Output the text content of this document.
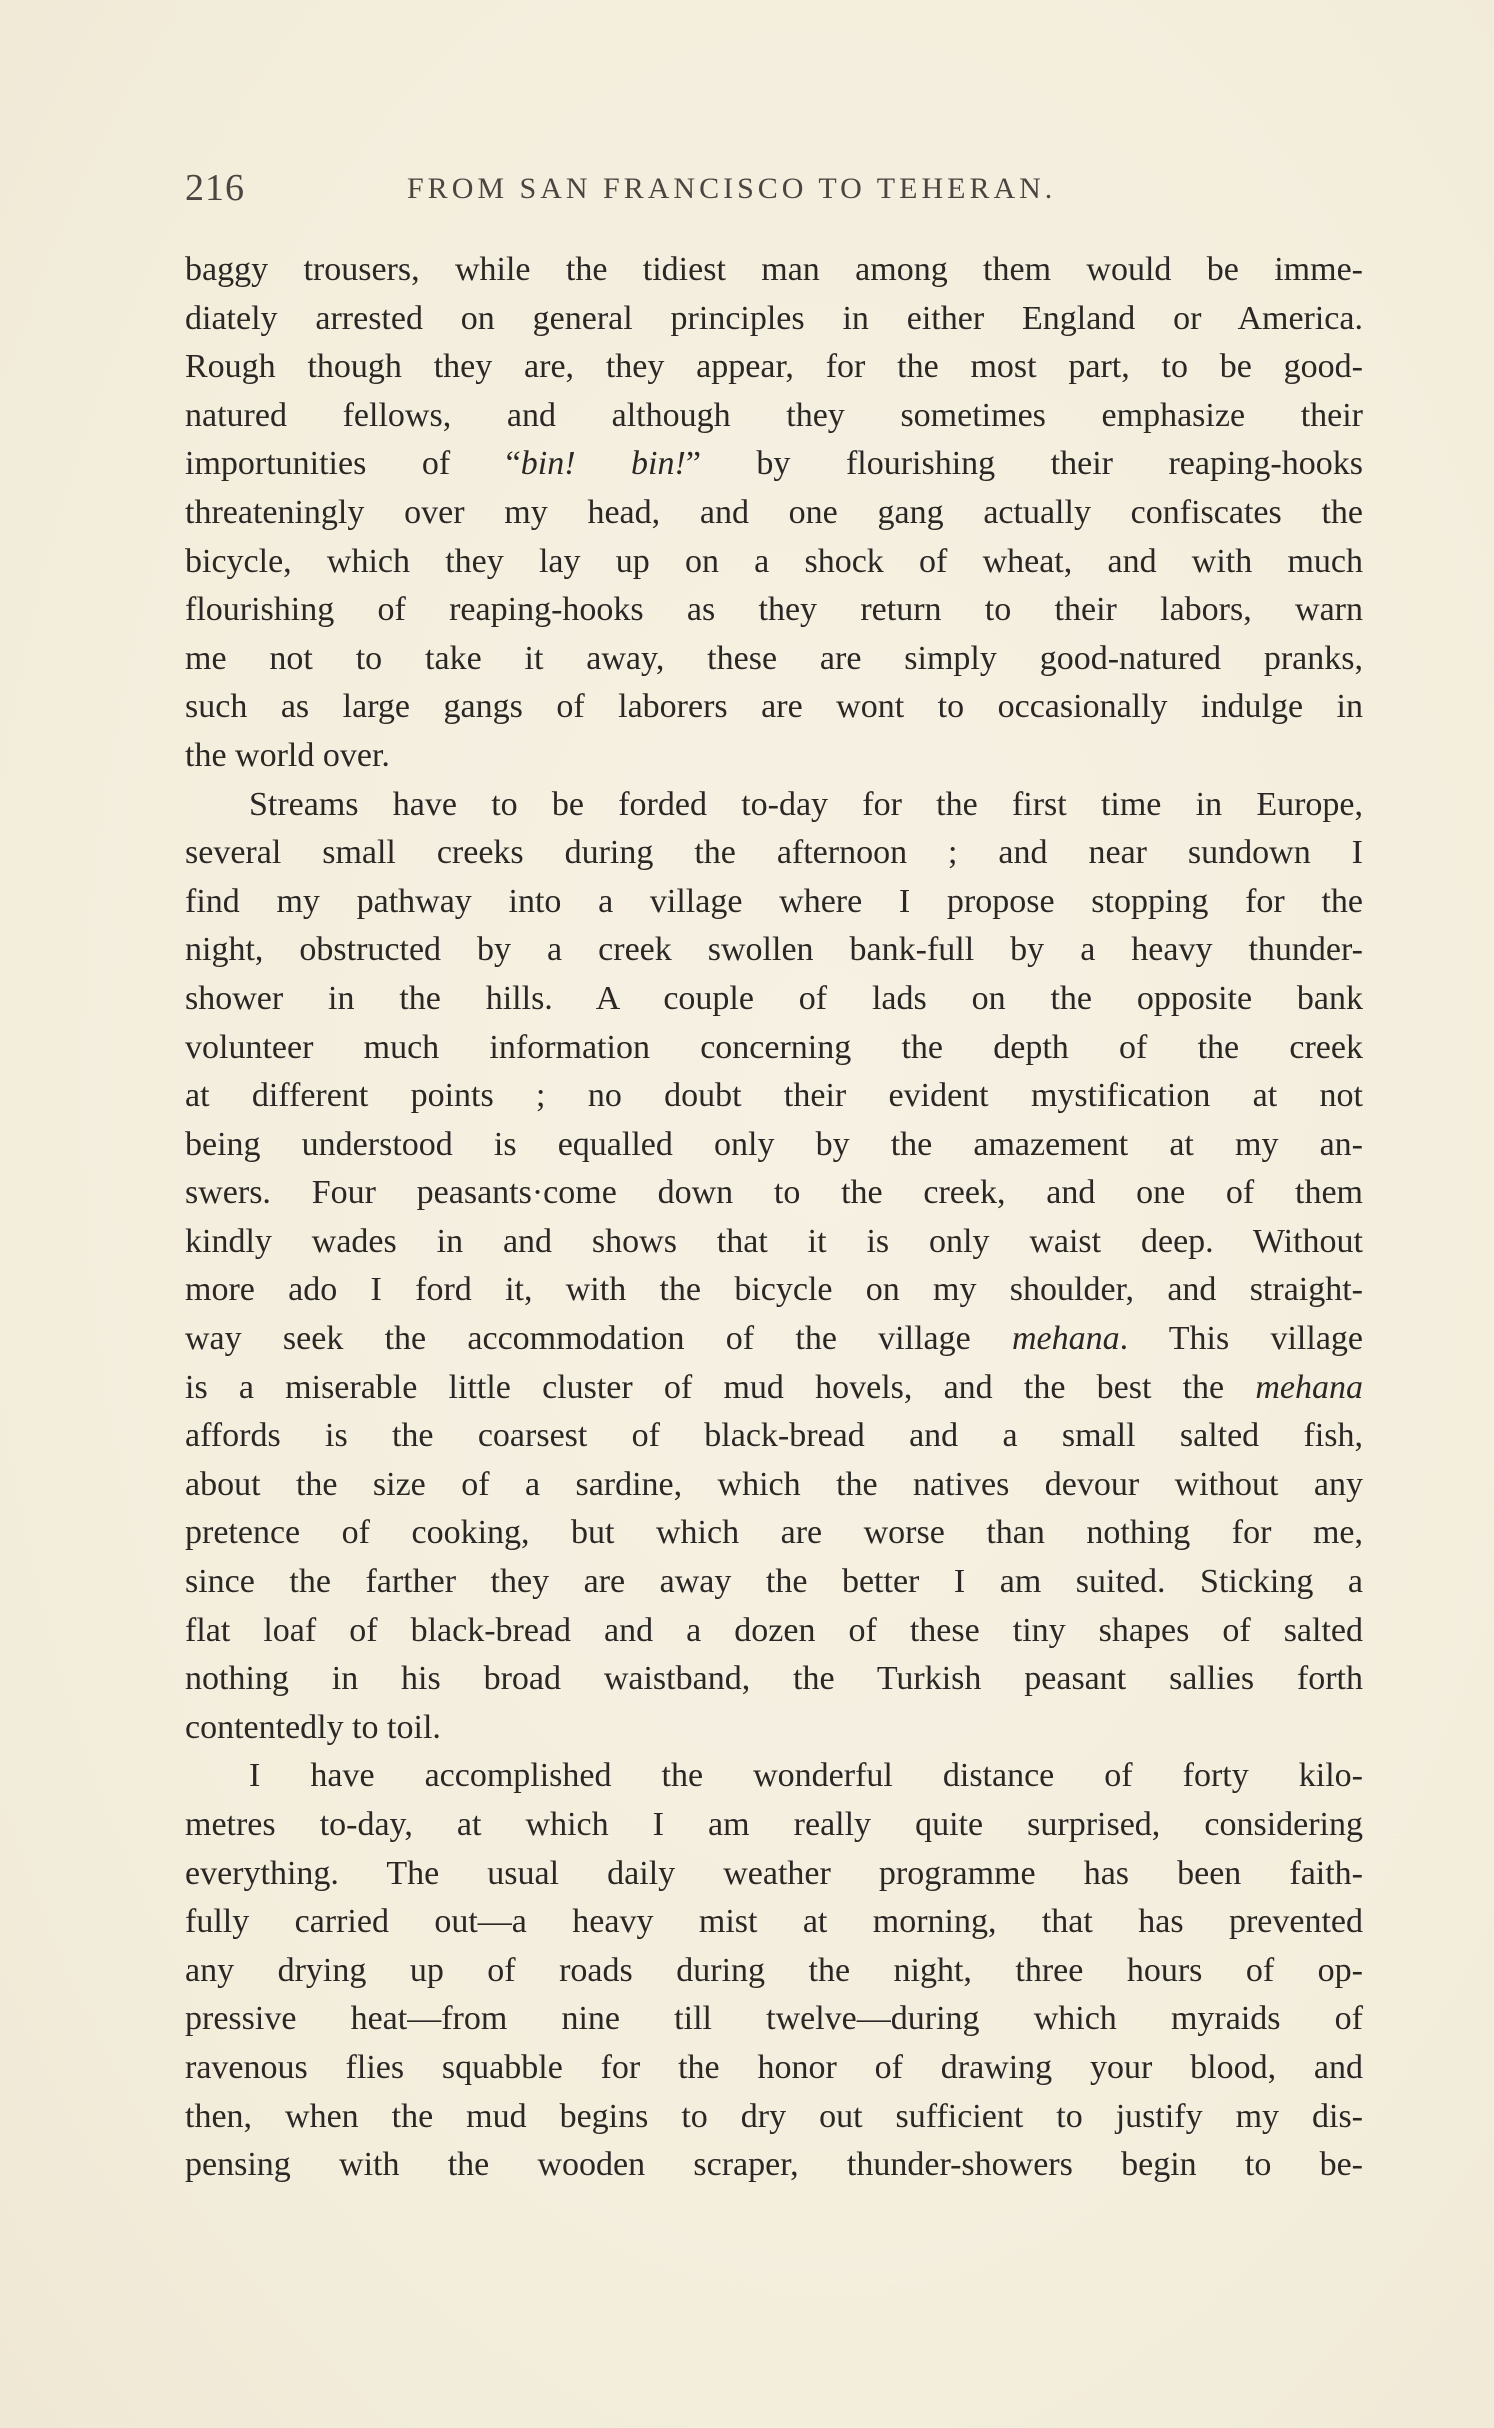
216	FROM SAN FRANCISCO TO TEHERAN.
baggy trousers, while the tidiest man among them would be imme-
diately arrested on general principles in either England or America.
Rough though they are, they appear, for the most part, to be good-
natured fellows, and although they sometimes emphasize their
importunities of “bin! bin!” by flourishing their reaping-hooks
threateningly over my head, and one gang actually confiscates the
bicycle, which they lay up on a shock of wheat, and with much
flourishing of reaping-hooks as they return to their labors, warn
me not to take it away, these are simply good-natured pranks,
such as large gangs of laborers are wont to occasionally indulge in
the world over.
Streams have to be forded to-day for the first time in Europe,
several small creeks during the afternoon ; and near sundown I
find my pathway into a village where I propose stopping for the
night, obstructed by a creek swollen bank-full by a heavy thunder-
shower in the hills. A couple of lads on the opposite bank
volunteer much information concerning the depth of the creek
at different points ; no doubt their evident mystification at not
being understood is equalled only by the amazement at my an-
swers. Four peasants·come down to the creek, and one of them
kindly wades in and shows that it is only waist deep. Without
more ado I ford it, with the bicycle on my shoulder, and straight-
way seek the accommodation of the village mehana. This village
is a miserable little cluster of mud hovels, and the best the mehana
affords is the coarsest of black-bread and a small salted fish,
about the size of a sardine, which the natives devour without any
pretence of cooking, but which are worse than nothing for me,
since the farther they are away the better I am suited. Sticking a
flat loaf of black-bread and a dozen of these tiny shapes of salted
nothing in his broad waistband, the Turkish peasant sallies forth
contentedly to toil.
I have accomplished the wonderful distance of forty kilo-
metres to-day, at which I am really quite surprised, considering
everything. The usual daily weather programme has been faith-
fully carried out—a heavy mist at morning, that has prevented
any drying up of roads during the night, three hours of op-
pressive heat—from nine till twelve—during which myraids of
ravenous flies squabble for the honor of drawing your blood, and
then, when the mud begins to dry out sufficient to justify my dis-
pensing with the wooden scraper, thunder-showers begin to be-
